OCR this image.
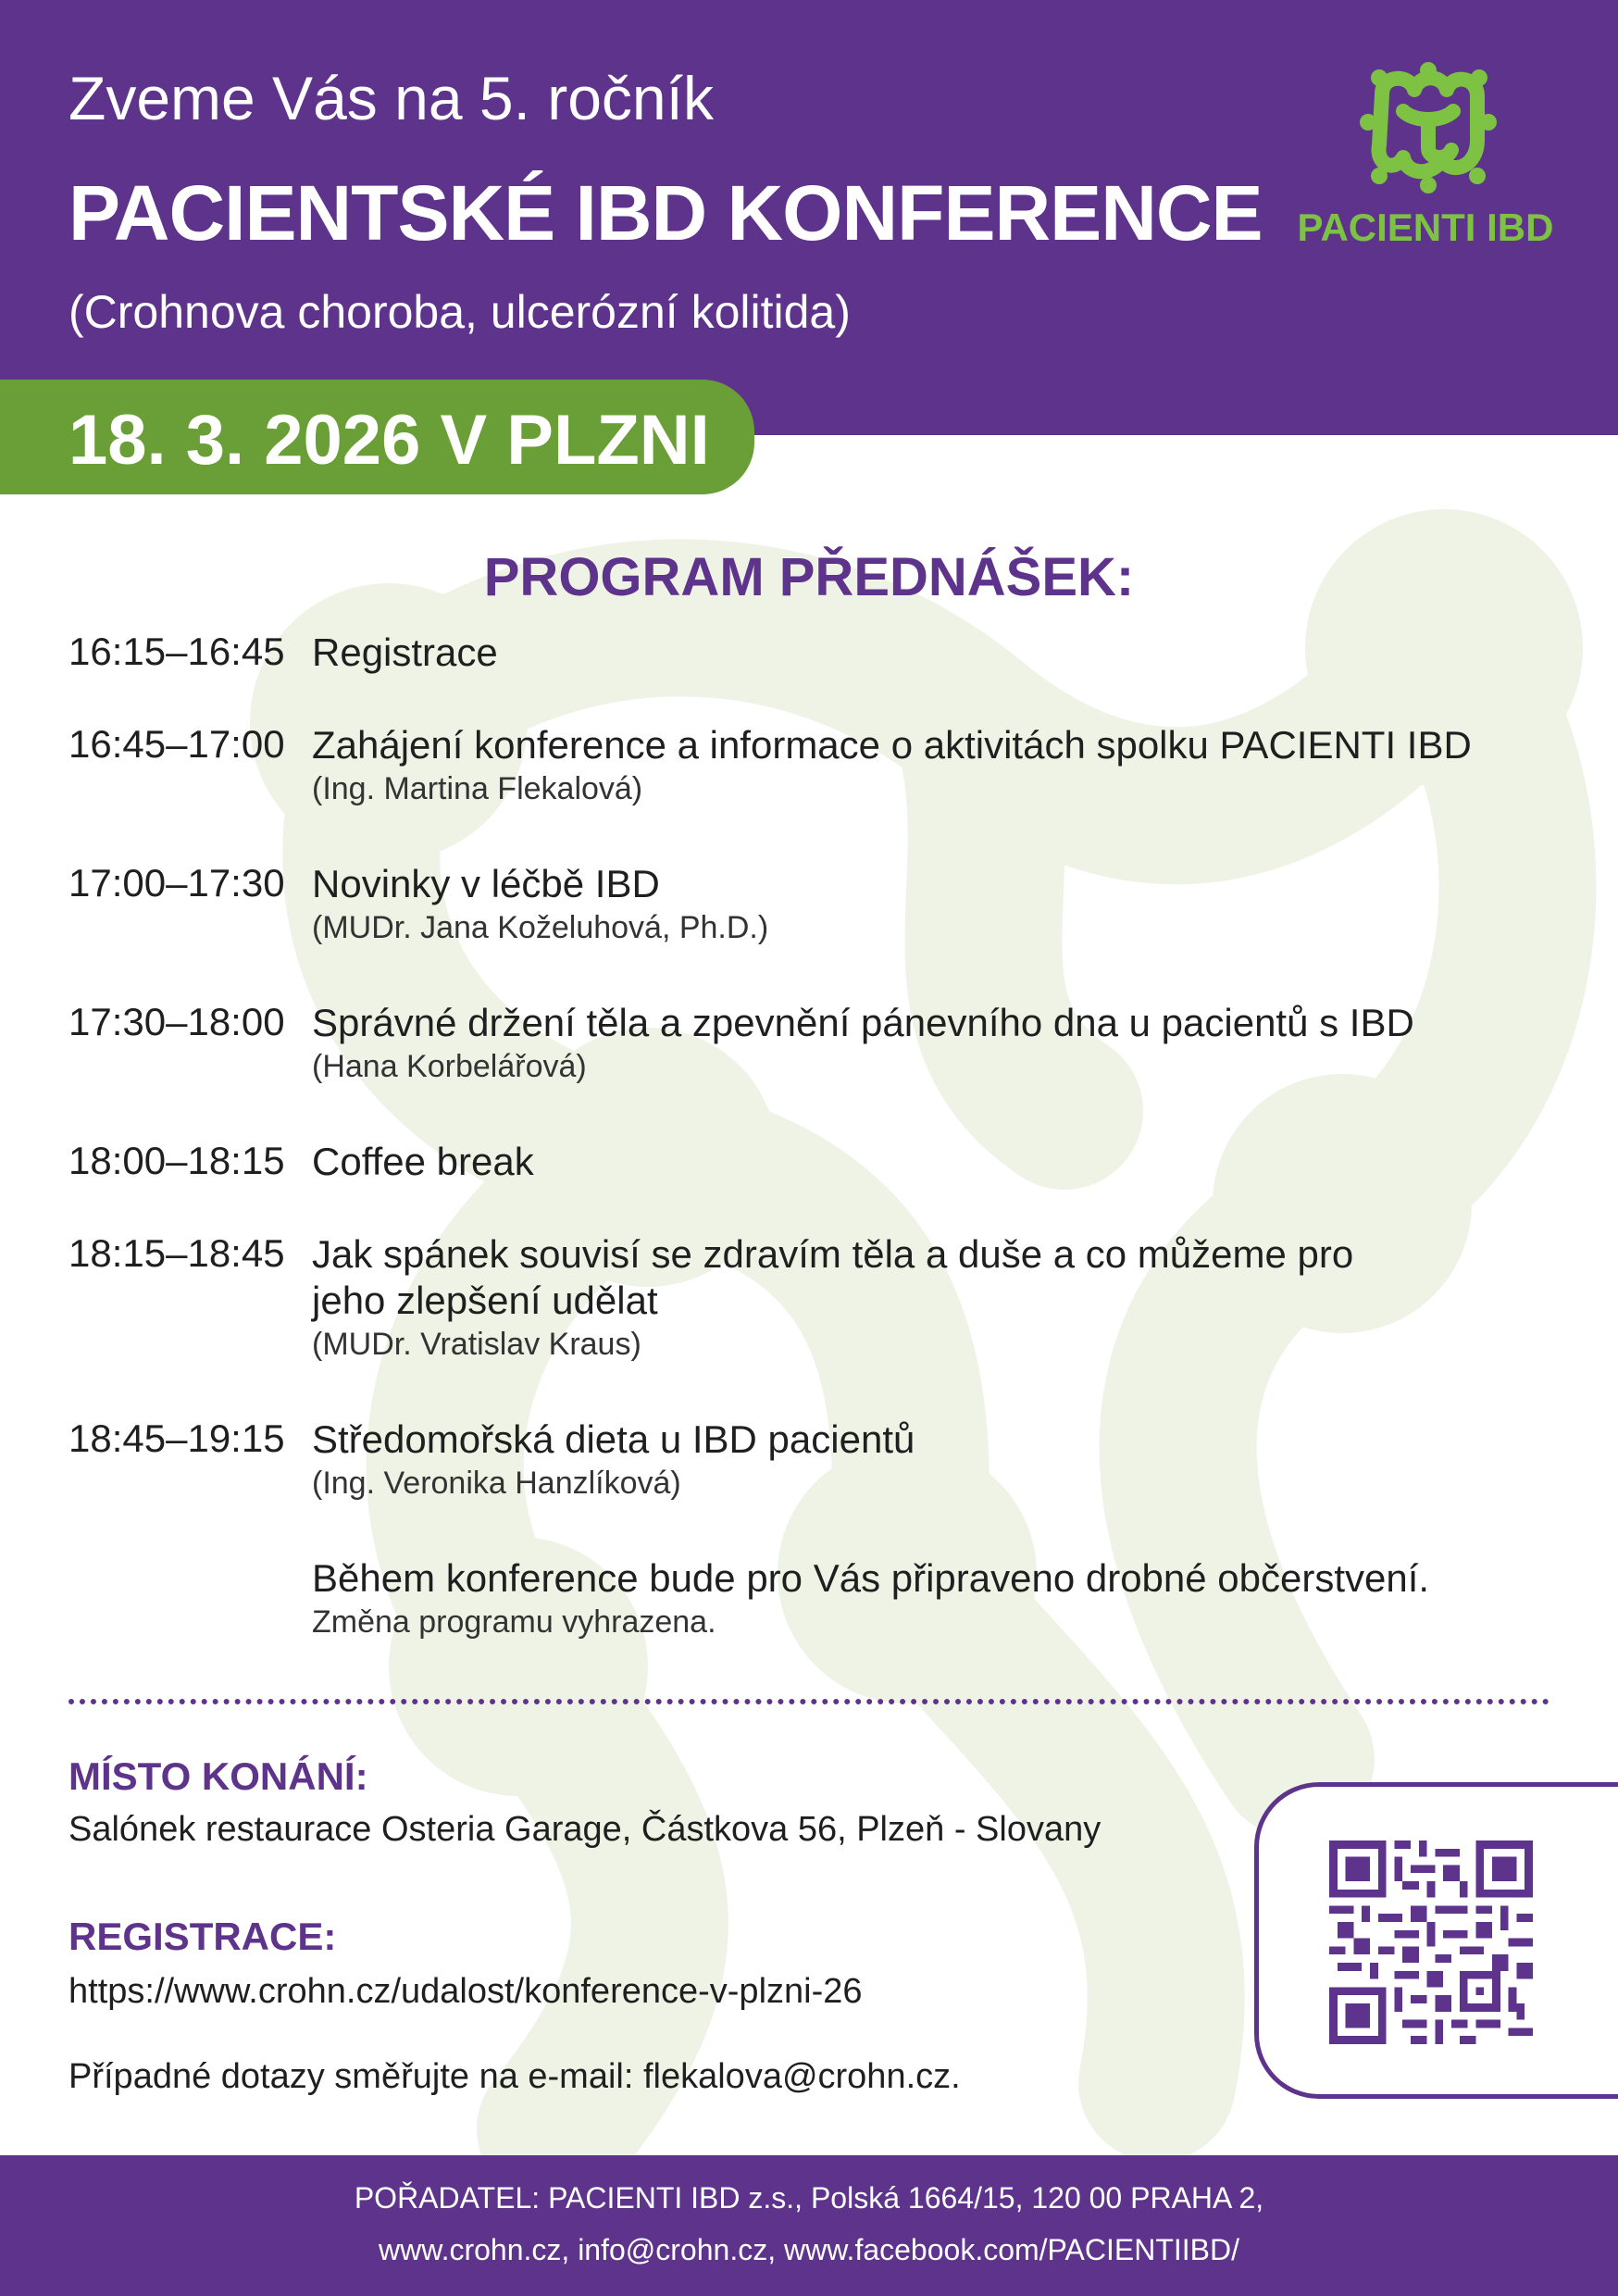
Zveme Vás na 5. ročník
PACIENTSKÉ IBD KONFERENCE
(Crohnova choroba, ulcerózní kolitida)
PACIENTI IBD
18. 3. 2026 V PLZNI
PROGRAM PŘEDNÁŠEK:
16:15–16:45 Registrace
16:45–17:00 Zahájení konference a informace o aktivitách spolku PACIENTI IBD
(Ing. Martina Flekalová)
17:00–17:30 Novinky v léčbě IBD
(MUDr. Jana Koželuhová, Ph.D.)
17:30–18:00 Správné držení těla a zpevnění pánevního dna u pacientů s IBD
(Hana Korbelářová)
18:00–18:15 Coffee break
18:15–18:45 Jak spánek souvisí se zdravím těla a duše a co můžeme pro jeho zlepšení udělat
(MUDr. Vratislav Kraus)
18:45–19:15 Středomořská dieta u IBD pacientů
(Ing. Veronika Hanzlíková)
Během konference bude pro Vás připraveno drobné občerstvení.
Změna programu vyhrazena.
MÍSTO KONÁNÍ:
Salónek restaurace Osteria Garage, Částkova 56, Plzeň - Slovany
REGISTRACE:
https://www.crohn.cz/udalost/konference-v-plzni-26
Případné dotazy směřujte na e-mail: flekalova@crohn.cz.
POŘADATEL: PACIENTI IBD z.s., Polská 1664/15, 120 00 PRAHA 2,
www.crohn.cz, info@crohn.cz, www.facebook.com/PACIENTIIBD/
